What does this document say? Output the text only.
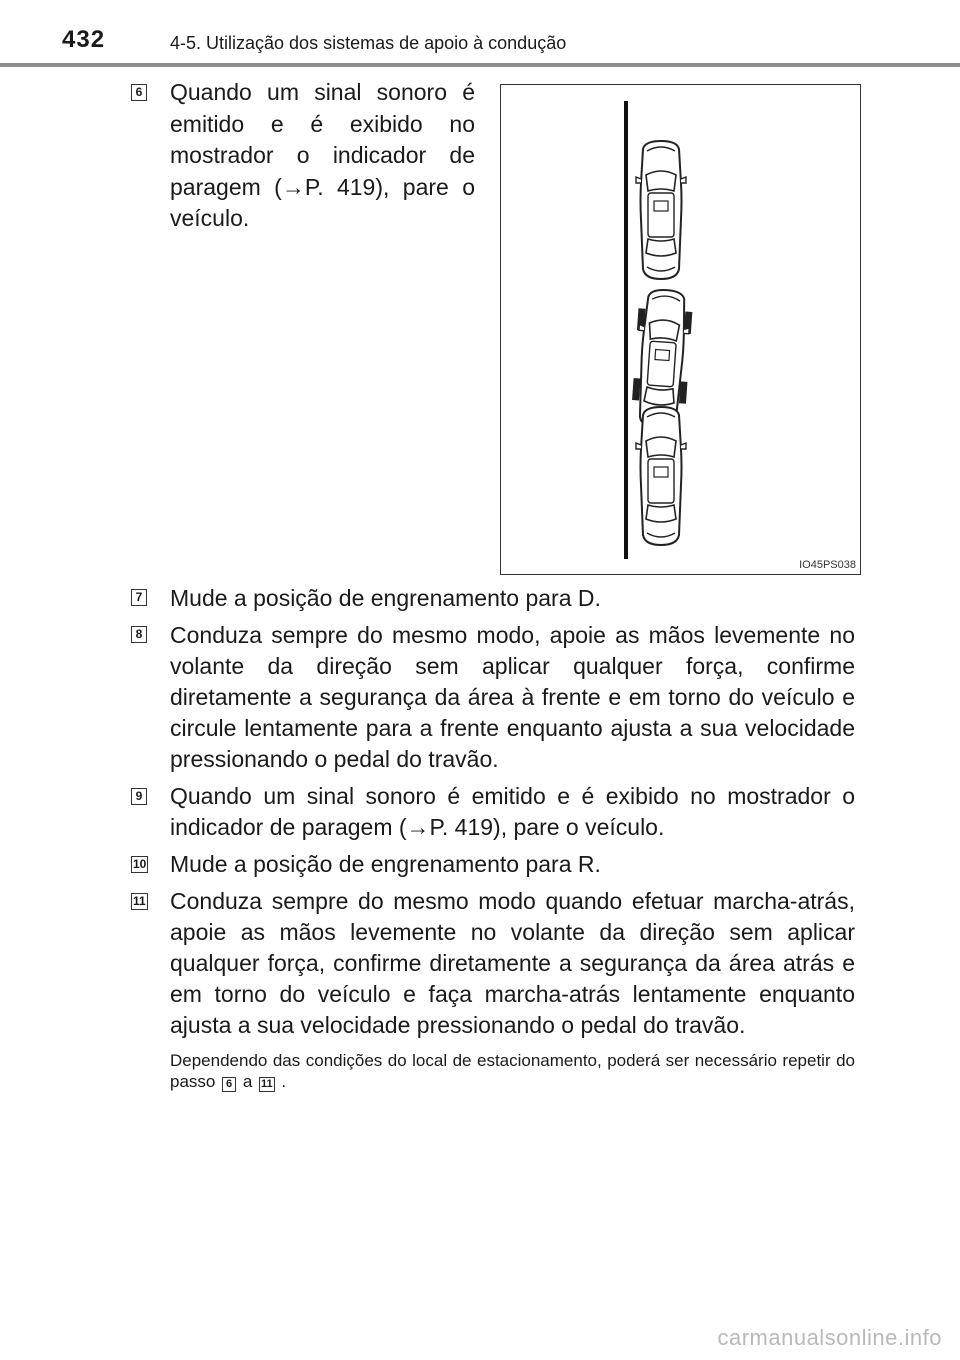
432	4-5. Utilização dos sistemas de apoio à condução
6 Quando um sinal sonoro é emitido e é exibido no mostrador o indicador de paragem (→P. 419), pare o veículo.
IO45PS038
7 Mude a posição de engrenamento para D.
8 Conduza sempre do mesmo modo, apoie as mãos levemente no volante da direção sem aplicar qualquer força, confirme diretamente a segurança da área à frente e em torno do veículo e circule lentamente para a frente enquanto ajusta a sua velocidade pressionando o pedal do travão.
9 Quando um sinal sonoro é emitido e é exibido no mostrador o indicador de paragem (→P. 419), pare o veículo.
10 Mude a posição de engrenamento para R.
11 Conduza sempre do mesmo modo quando efetuar marcha-atrás, apoie as mãos levemente no volante da direção sem aplicar qualquer força, confirme diretamente a segurança da área atrás e em torno do veículo e faça marcha-atrás lentamente enquanto ajusta a sua velocidade pressionando o pedal do travão.
Dependendo das condições do local de estacionamento, poderá ser necessário repetir do passo 6 a 11 .
carmanualsonline.info
